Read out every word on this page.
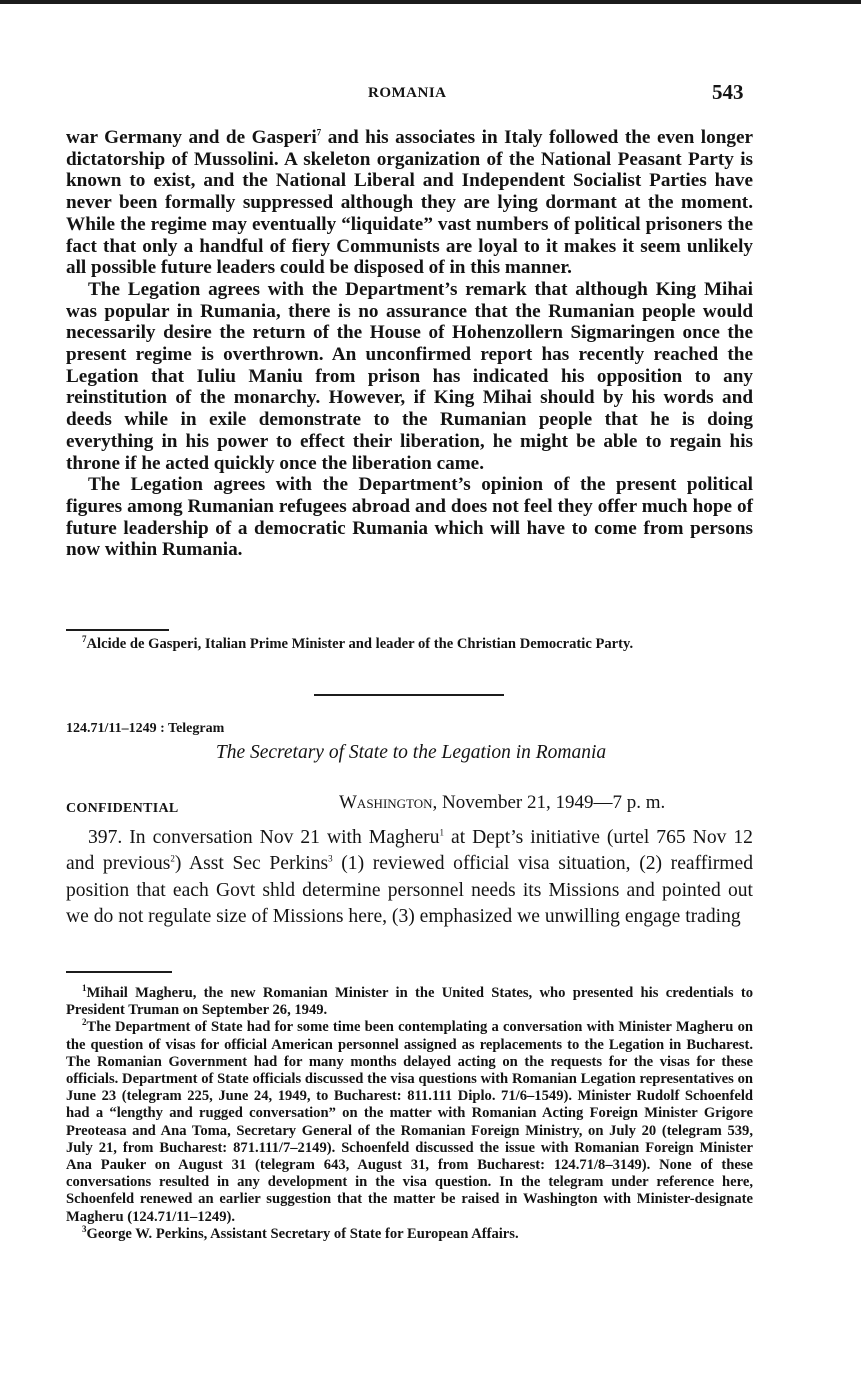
ROMANIA	543

war Germany and de Gasperi$^7$ and his associates in Italy followed the even longer dictatorship of Mussolini. A skeleton organization of the National Peasant Party is known to exist, and the National Liberal and Independent Socialist Parties have never been formally suppressed although they are lying dormant at the moment. While the regime may eventually “liquidate” vast numbers of political prisoners the fact that only a handful of fiery Communists are loyal to it makes it seem unlikely all possible future leaders could be disposed of in this manner.

The Legation agrees with the Department’s remark that although King Mihai was popular in Rumania, there is no assurance that the Rumanian people would necessarily desire the return of the House of Hohenzollern Sigmaringen once the present regime is overthrown. An unconfirmed report has recently reached the Legation that Iuliu Maniu from prison has indicated his opposition to any reinstitution of the monarchy. However, if King Mihai should by his words and deeds while in exile demonstrate to the Rumanian people that he is doing everything in his power to effect their liberation, he might be able to regain his throne if he acted quickly once the liberation came.

The Legation agrees with the Department’s opinion of the present political figures among Rumanian refugees abroad and does not feel they offer much hope of future leadership of a democratic Rumania which will have to come from persons now within Rumania.

$^7$Alcide de Gasperi, Italian Prime Minister and leader of the Christian Democratic Party.

124.71/11–1249 : Telegram
The Secretary of State to the Legation in Romania
CONFIDENTIAL	Washington, November 21, 1949—7 p. m.

397. In conversation Nov 21 with Magheru$^1$ at Dept’s initiative (urtel 765 Nov 12 and previous$^2$) Asst Sec Perkins$^3$ (1) reviewed official visa situation, (2) reaffirmed position that each Govt shld determine personnel needs its Missions and pointed out we do not regulate size of Missions here, (3) emphasized we unwilling engage trading

$^1$Mihail Magheru, the new Romanian Minister in the United States, who presented his credentials to President Truman on September 26, 1949.

$^2$The Department of State had for some time been contemplating a conversation with Minister Magheru on the question of visas for official American personnel assigned as replacements to the Legation in Bucharest. The Romanian Government had for many months delayed acting on the requests for the visas for these officials. Department of State officials discussed the visa questions with Romanian Legation representatives on June 23 (telegram 225, June 24, 1949, to Bucharest: 811.111 Diplo. 71/6–1549). Minister Rudolf Schoenfeld had a “lengthy and rugged conversation” on the matter with Romanian Acting Foreign Minister Grigore Preoteasa and Ana Toma, Secretary General of the Romanian Foreign Ministry, on July 20 (telegram 539, July 21, from Bucharest: 871.111/7–2149). Schoenfeld discussed the issue with Romanian Foreign Minister Ana Pauker on August 31 (telegram 643, August 31, from Bucharest: 124.71/8–3149). None of these conversations resulted in any development in the visa question. In the telegram under reference here, Schoenfeld renewed an earlier suggestion that the matter be raised in Washington with Minister-designate Magheru (124.71/11–1249).

$^3$George W. Perkins, Assistant Secretary of State for European Affairs.
